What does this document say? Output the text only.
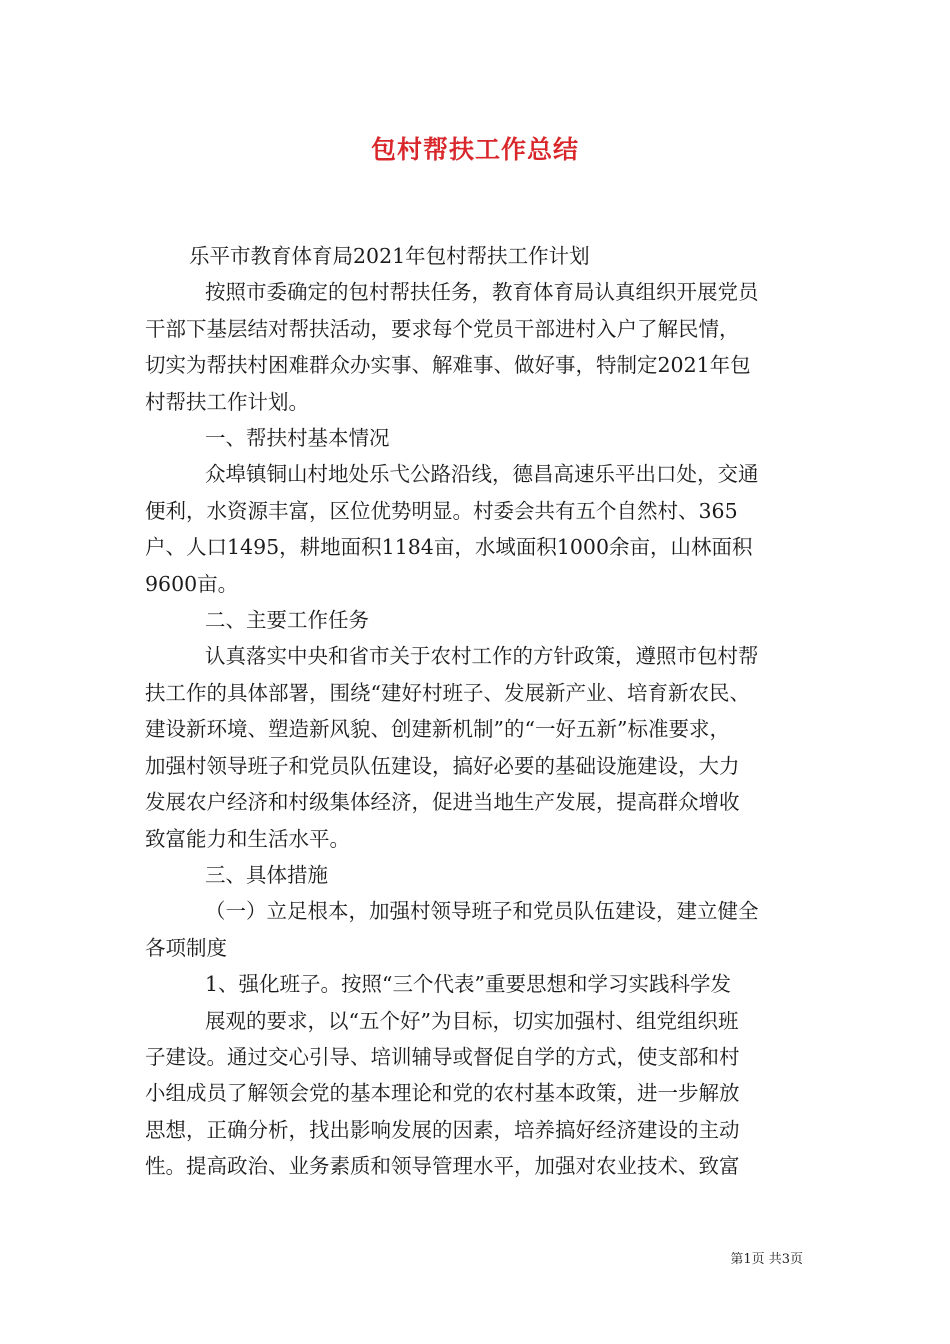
包村帮扶工作总结

乐平市教育体育局2021年包村帮扶工作计划

按照市委确定的包村帮扶任务，教育体育局认真组织开展党员

干部下基层结对帮扶活动，要求每个党员干部进村入户了解民情，

切实为帮扶村困难群众办实事、解难事、做好事，特制定2021年包

村帮扶工作计划。

一、帮扶村基本情况

众埠镇铜山村地处乐弋公路沿线，德昌高速乐平出口处，交通

便利，水资源丰富，区位优势明显。村委会共有五个自然村、365

户、人口1495，耕地面积1184亩，水域面积1000余亩，山林面积

9600亩。

二、主要工作任务

认真落实中央和省市关于农村工作的方针政策，遵照市包村帮

扶工作的具体部署，围绕“建好村班子、发展新产业、培育新农民、

建设新环境、塑造新风貌、创建新机制”的“一好五新”标准要求，

加强村领导班子和党员队伍建设，搞好必要的基础设施建设，大力

发展农户经济和村级集体经济，促进当地生产发展，提高群众增收

致富能力和生活水平。

三、具体措施

（一）立足根本，加强村领导班子和党员队伍建设，建立健全

各项制度

1、强化班子。按照“三个代表”重要思想和学习实践科学发

展观的要求，以“五个好”为目标，切实加强村、组党组织班

子建设。通过交心引导、培训辅导或督促自学的方式，使支部和村

小组成员了解领会党的基本理论和党的农村基本政策，进一步解放

思想，正确分析，找出影响发展的因素，培养搞好经济建设的主动

性。提高政治、业务素质和领导管理水平，加强对农业技术、致富

第1页 共3页
